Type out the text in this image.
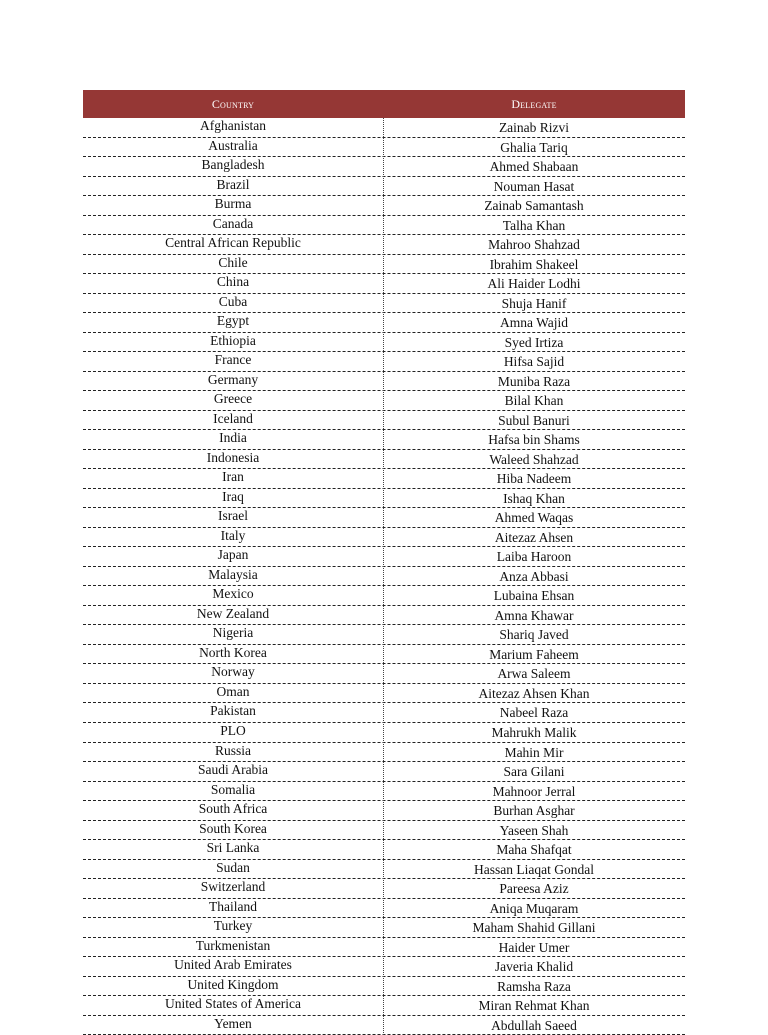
Country	Delegate
Afghanistan	Zainab Rizvi
Australia	Ghalia Tariq
Bangladesh	Ahmed Shabaan
Brazil	Nouman Hasat
Burma	Zainab Samantash
Canada	Talha Khan
Central African Republic	Mahroo Shahzad
Chile	Ibrahim Shakeel
China	Ali Haider Lodhi
Cuba	Shuja Hanif
Egypt	Amna Wajid
Ethiopia	Syed Irtiza
France	Hifsa Sajid
Germany	Muniba Raza
Greece	Bilal Khan
Iceland	Subul Banuri
India	Hafsa bin Shams
Indonesia	Waleed Shahzad
Iran	Hiba Nadeem
Iraq	Ishaq Khan
Israel	Ahmed Waqas
Italy	Aitezaz Ahsen
Japan	Laiba Haroon
Malaysia	Anza Abbasi
Mexico	Lubaina Ehsan
New Zealand	Amna Khawar
Nigeria	Shariq Javed
North Korea	Marium Faheem
Norway	Arwa Saleem
Oman	Aitezaz Ahsen Khan
Pakistan	Nabeel Raza
PLO	Mahrukh Malik
Russia	Mahin Mir
Saudi Arabia	Sara Gilani
Somalia	Mahnoor Jerral
South Africa	Burhan Asghar
South Korea	Yaseen Shah
Sri Lanka	Maha Shafqat
Sudan	Hassan Liaqat Gondal
Switzerland	Pareesa Aziz
Thailand	Aniqa Muqaram
Turkey	Maham Shahid Gillani
Turkmenistan	Haider Umer
United Arab Emirates	Javeria Khalid
United Kingdom	Ramsha Raza
United States of America	Miran Rehmat Khan
Yemen	Abdullah Saeed
